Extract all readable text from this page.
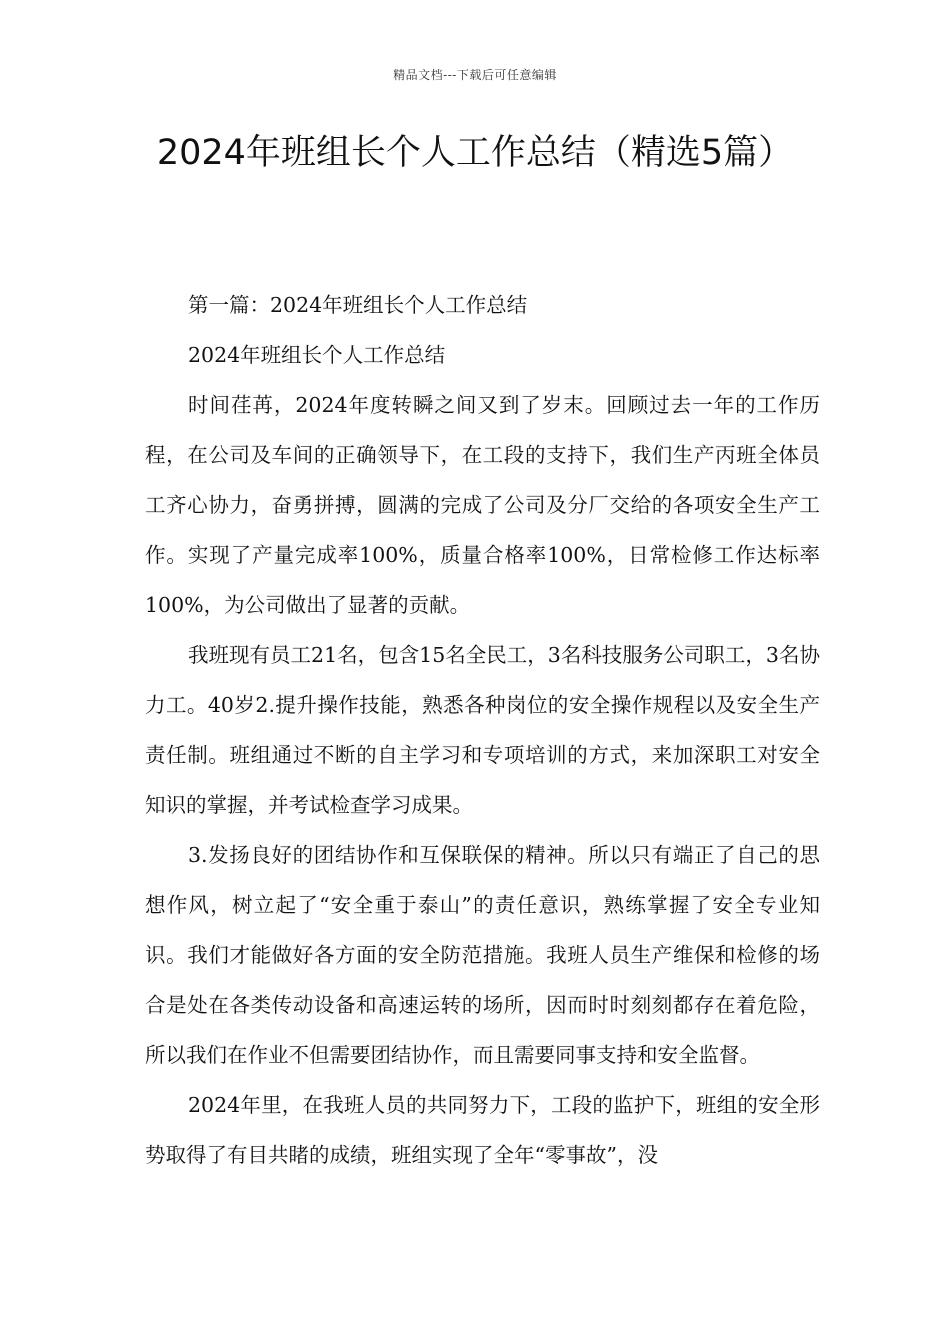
精品文档---下载后可任意编辑
2024年班组长个人工作总结（精选5篇）

第一篇：2024年班组长个人工作总结

2024年班组长个人工作总结

时间荏苒，2024年度转瞬之间又到了岁末。回顾过去一年的工作历程，在公司及车间的正确领导下，在工段的支持下，我们生产丙班全体员工齐心协力，奋勇拼搏，圆满的完成了公司及分厂交给的各项安全生产工作。实现了产量完成率100%，质量合格率100%，日常检修工作达标率100%，为公司做出了显著的贡献。

我班现有员工21名，包含15名全民工，3名科技服务公司职工，3名协力工。40岁2.提升操作技能，熟悉各种岗位的安全操作规程以及安全生产责任制。班组通过不断的自主学习和专项培训的方式，来加深职工对安全知识的掌握，并考试检查学习成果。

3.发扬良好的团结协作和互保联保的精神。所以只有端正了自己的思想作风，树立起了“安全重于泰山”的责任意识，熟练掌握了安全专业知识。我们才能做好各方面的安全防范措施。我班人员生产维保和检修的场合是处在各类传动设备和高速运转的场所，因而时时刻刻都存在着危险，所以我们在作业不但需要团结协作，而且需要同事支持和安全监督。

2024年里，在我班人员的共同努力下，工段的监护下，班组的安全形势取得了有目共睹的成绩，班组实现了全年“零事故”，没
